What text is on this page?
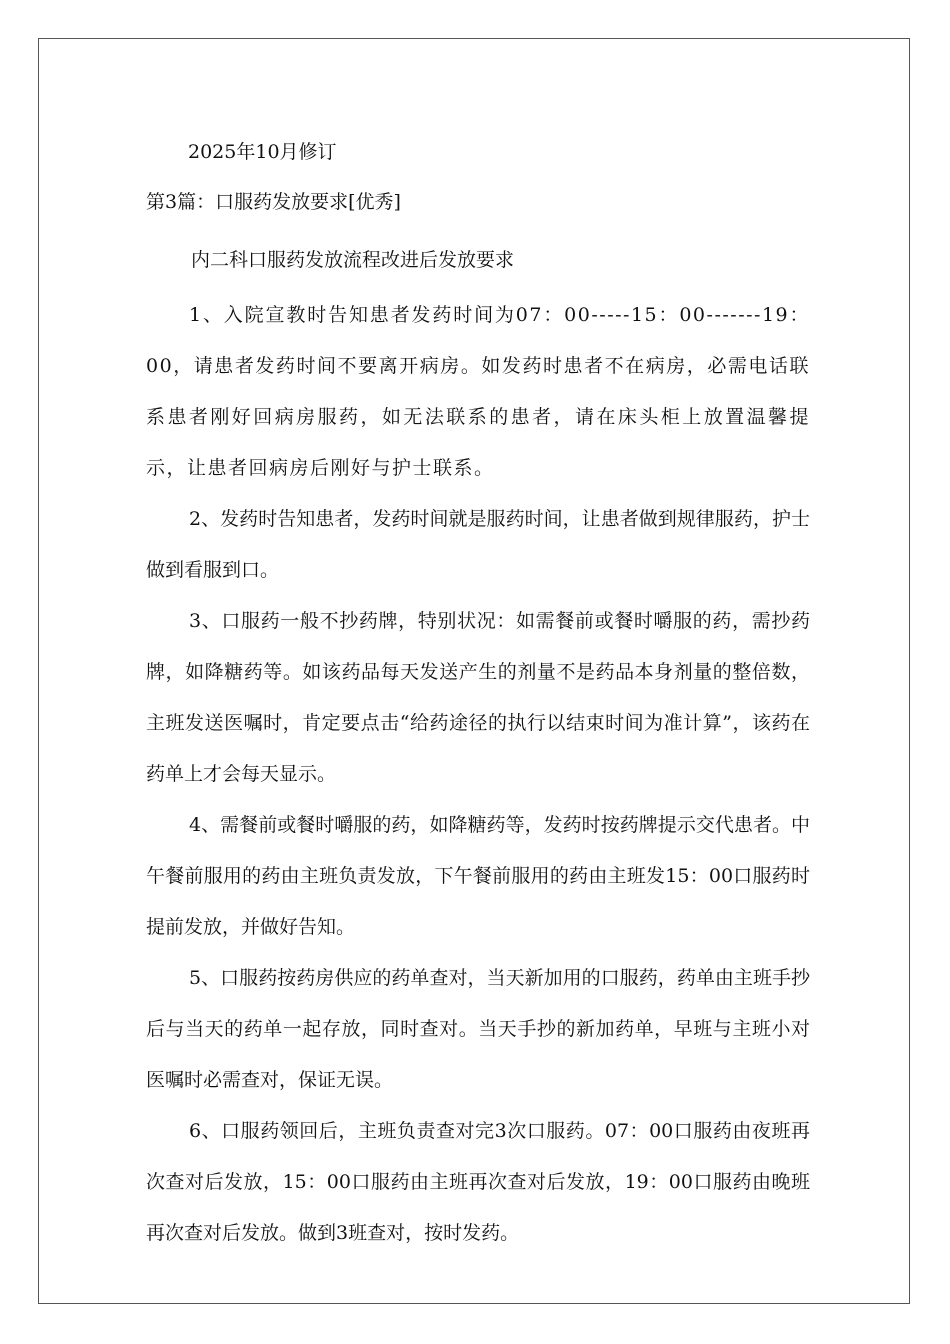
2025年10月修订
第3篇：口服药发放要求[优秀]
内二科口服药发放流程改进后发放要求

1、入院宣教时告知患者发药时间为07：00-----15：00-------19：00，请患者发药时间不要离开病房。如发药时患者不在病房，必需电话联系患者刚好回病房服药，如无法联系的患者，请在床头柜上放置温馨提示，让患者回病房后刚好与护士联系。

2、发药时告知患者，发药时间就是服药时间，让患者做到规律服药，护士做到看服到口。

3、口服药一般不抄药牌，特别状况：如需餐前或餐时嚼服的药，需抄药牌，如降糖药等。如该药品每天发送产生的剂量不是药品本身剂量的整倍数，主班发送医嘱时，肯定要点击“给药途径的执行以结束时间为准计算”，该药在药单上才会每天显示。

4、需餐前或餐时嚼服的药，如降糖药等，发药时按药牌提示交代患者。中午餐前服用的药由主班负责发放，下午餐前服用的药由主班发15：00口服药时提前发放，并做好告知。

5、口服药按药房供应的药单查对，当天新加用的口服药，药单由主班手抄后与当天的药单一起存放，同时查对。当天手抄的新加药单，早班与主班小对医嘱时必需查对，保证无误。

6、口服药领回后，主班负责查对完3次口服药。07：00口服药由夜班再次查对后发放，15：00口服药由主班再次查对后发放，19：00口服药由晚班再次查对后发放。做到3班查对，按时发药。
